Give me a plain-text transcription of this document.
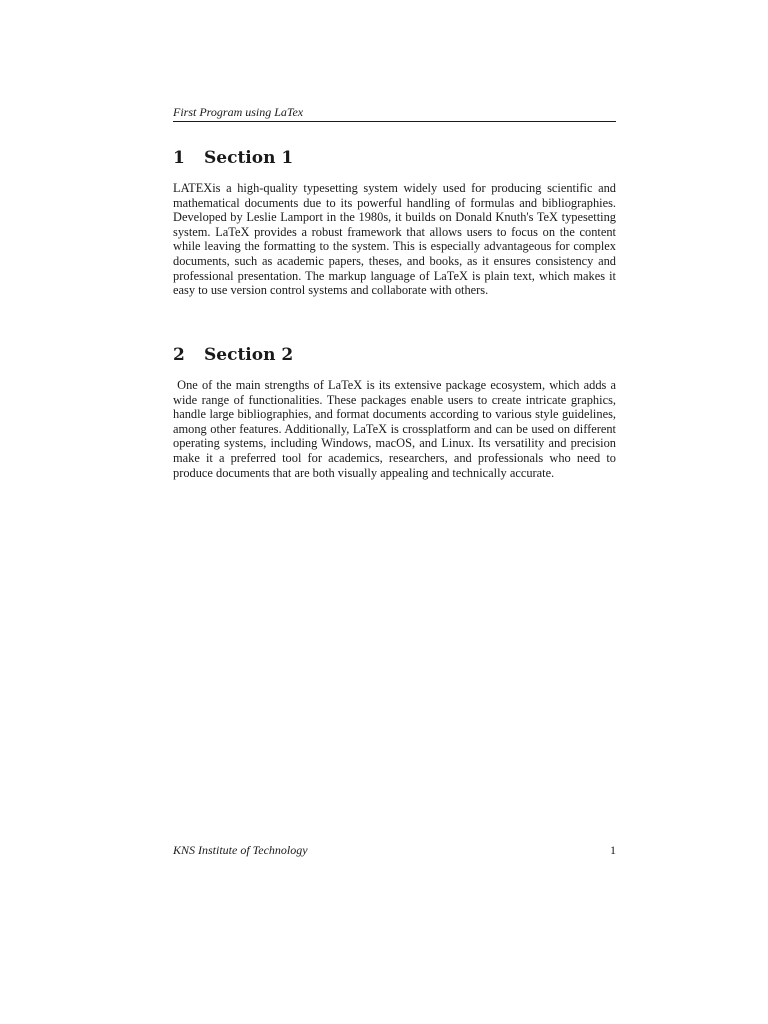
First Program using LaTex
1 Section 1

LATEXis a high-quality typesetting system widely used for producing scientific and mathematical documents due to its powerful handling of formulas and bibliographies. Developed by Leslie Lamport in the 1980s, it builds on Donald Knuth's TeX typesetting system. LaTeX provides a robust framework that allows users to focus on the content while leaving the formatting to the system. This is especially advantageous for complex documents, such as academic papers, theses, and books, as it ensures consistency and professional presentation. The markup language of LaTeX is plain text, which makes it easy to use version control systems and collaborate with others.

2 Section 2

One of the main strengths of LaTeX is its extensive package ecosystem, which adds a wide range of functionalities. These packages enable users to create intricate graphics, handle large bibliographies, and format documents according to various style guidelines, among other features. Additionally, LaTeX is crossplatform and can be used on different operating systems, including Windows, macOS, and Linux. Its versatility and precision make it a preferred tool for academics, researchers, and professionals who need to produce documents that are both visually appealing and technically accurate.

KNS Institute of Technology	1
